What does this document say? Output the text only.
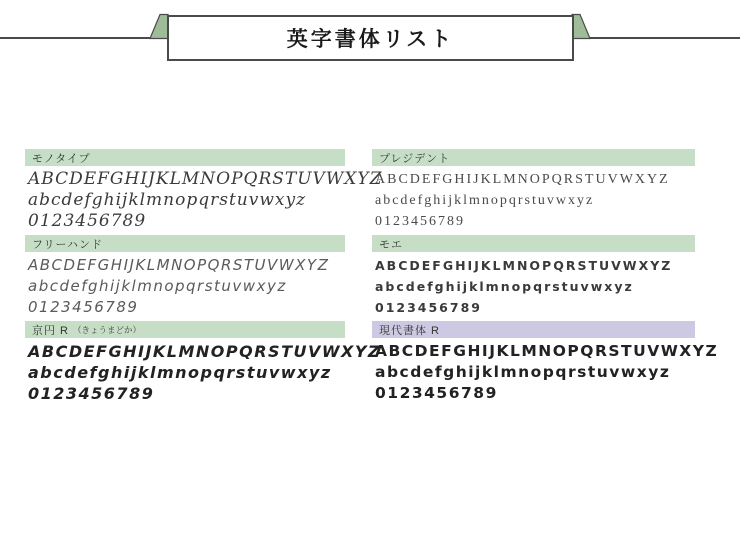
英字書体リスト
モノタイプ
ABCDEFGHIJKLMNOPQRSTUVWXYZ
abcdefghijklmnopqrstuvwxyz
0123456789
プレジデント
ABCDEFGHIJKLMNOPQRSTUVWXYZ
abcdefghijklmnopqrstuvwxyz
0123456789
フリーハンド
ABCDEFGHIJKLMNOPQRSTUVWXYZ
abcdefghijklmnopqrstuvwxyz
0123456789
モエ
ABCDEFGHIJKLMNOPQRSTUVWXYZ
abcdefghijklmnopqrstuvwxyz
0123456789
京円 R （きょうまどか）
ABCDEFGHIJKLMNOPQRSTUVWXYZ
abcdefghijklmnopqrstuvwxyz
0123456789
現代書体 R
ABCDEFGHIJKLMNOPQRSTUVWXYZ
abcdefghijklmnopqrstuvwxyz
0123456789
